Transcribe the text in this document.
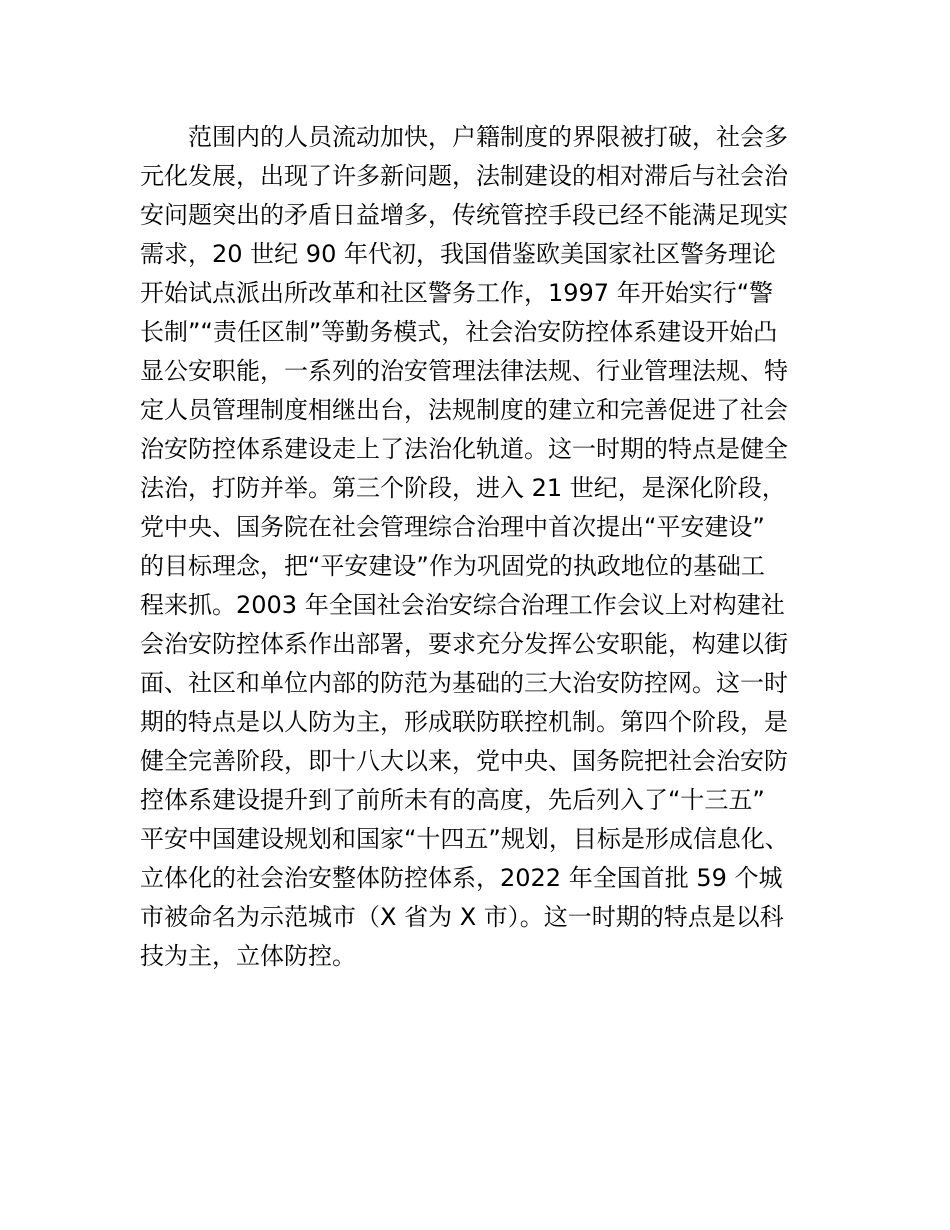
范围内的人员流动加快，户籍制度的界限被打破，社会多
元化发展，出现了许多新问题，法制建设的相对滞后与社会治
安问题突出的矛盾日益增多，传统管控手段已经不能满足现实
需求，20 世纪 90 年代初，我国借鉴欧美国家社区警务理论
开始试点派出所改革和社区警务工作，1997 年开始实行“警
长制”“责任区制”等勤务模式，社会治安防控体系建设开始凸
显公安职能，一系列的治安管理法律法规、行业管理法规、特
定人员管理制度相继出台，法规制度的建立和完善促进了社会
治安防控体系建设走上了法治化轨道。这一时期的特点是健全
法治，打防并举。第三个阶段，进入 21 世纪，是深化阶段，
党中央、国务院在社会管理综合治理中首次提出“平安建设”
的目标理念，把“平安建设”作为巩固党的执政地位的基础工
程来抓。2003 年全国社会治安综合治理工作会议上对构建社
会治安防控体系作出部署，要求充分发挥公安职能，构建以街
面、社区和单位内部的防范为基础的三大治安防控网。这一时
期的特点是以人防为主，形成联防联控机制。第四个阶段，是
健全完善阶段，即十八大以来，党中央、国务院把社会治安防
控体系建设提升到了前所未有的高度，先后列入了“十三五”
平安中国建设规划和国家“十四五”规划，目标是形成信息化、
立体化的社会治安整体防控体系，2022 年全国首批 59 个城
市被命名为示范城市（X 省为 X 市）。这一时期的特点是以科
技为主，立体防控。
